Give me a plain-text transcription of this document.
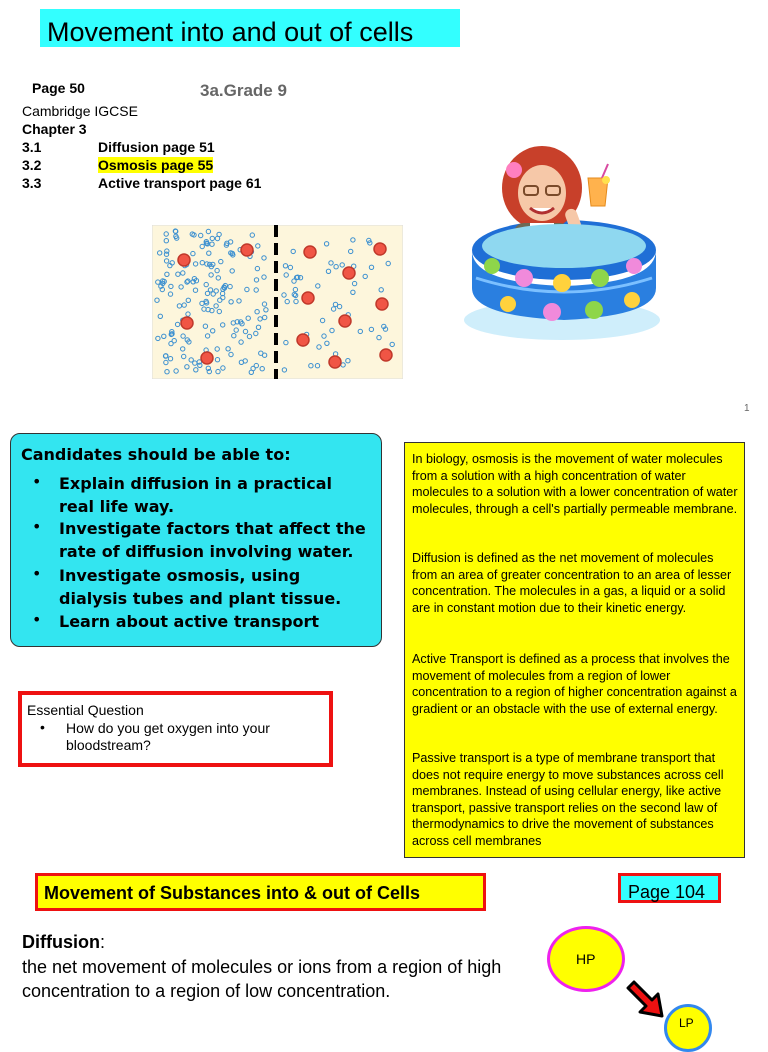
Movement into and out of cells
Page 50	3a.Grade 9
Cambridge IGCSE
Chapter 3
3.1	Diffusion page 51
3.2	Osmosis page 55
3.3	Active transport page 61
1
Candidates should be able to:
• Explain diffusion in a practical real life way.
• Investigate factors that affect the rate of diffusion involving water.
• Investigate osmosis, using dialysis tubes and plant tissue.
• Learn about active transport
Essential Question
• How do you get oxygen into your bloodstream?

In biology, osmosis is the movement of water molecules from a solution with a high concentration of water molecules to a solution with a lower concentration of water molecules, through a cell's partially permeable membrane.

Diffusion is defined as the net movement of molecules from an area of greater concentration to an area of lesser concentration. The molecules in a gas, a liquid or a solid are in constant motion due to their kinetic energy.

Active Transport is defined as a process that involves the movement of molecules from a region of lower concentration to a region of higher concentration against a gradient or an obstacle with the use of external energy.

Passive transport is a type of membrane transport that does not require energy to move substances across cell membranes. Instead of using cellular energy, like active transport, passive transport relies on the second law of thermodynamics to drive the movement of substances across cell membranes

Movement of Substances into & out of Cells	Page 104
Diffusion:
the net movement of molecules or ions from a region of high concentration to a region of low concentration.
HP
LP
